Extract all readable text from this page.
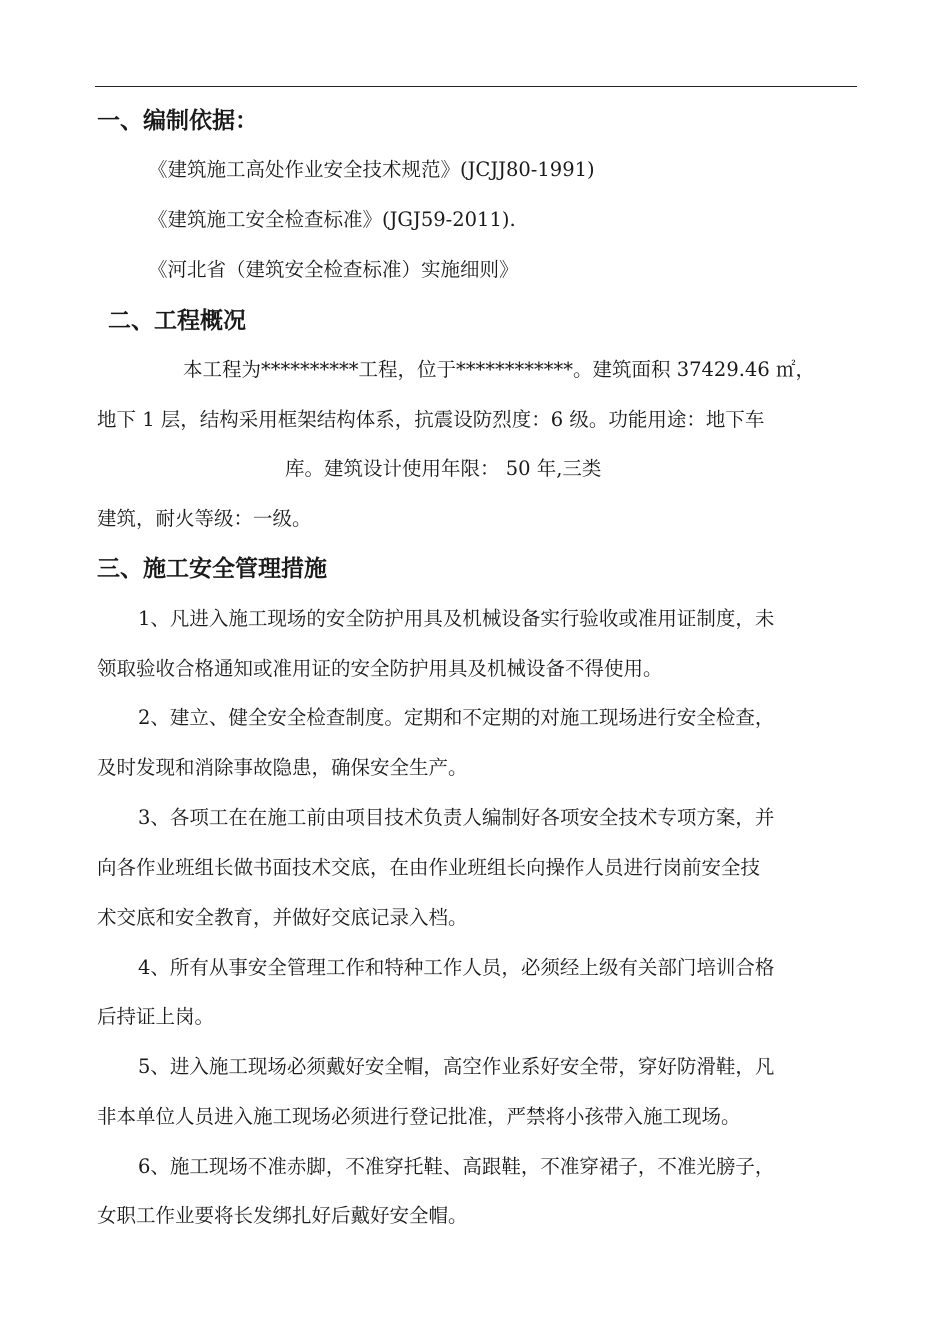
一、编制依据：
《建筑施工高处作业安全技术规范》(JCJJ80-1991)
《建筑施工安全检查标准》(JGJ59-2011).
《河北省（建筑安全检查标准）实施细则》
二、工程概况
本工程为**********工程，位于************。建筑面积 37429.46 ㎡，
地下 1 层，结构采用框架结构体系，抗震设防烈度：6 级。功能用途：地下车
库。建筑设计使用年限： 50 年,三类
建筑，耐火等级：一级。
三、施工安全管理措施
1、凡进入施工现场的安全防护用具及机械设备实行验收或准用证制度，未
领取验收合格通知或准用证的安全防护用具及机械设备不得使用。
2、建立、健全安全检查制度。定期和不定期的对施工现场进行安全检查，
及时发现和消除事故隐患，确保安全生产。
3、各项工在在施工前由项目技术负责人编制好各项安全技术专项方案，并
向各作业班组长做书面技术交底，在由作业班组长向操作人员进行岗前安全技
术交底和安全教育，并做好交底记录入档。
4、所有从事安全管理工作和特种工作人员，必须经上级有关部门培训合格
后持证上岗。
5、进入施工现场必须戴好安全帽，高空作业系好安全带，穿好防滑鞋，凡
非本单位人员进入施工现场必须进行登记批准，严禁将小孩带入施工现场。
6、施工现场不准赤脚，不准穿托鞋、高跟鞋，不准穿裙子，不准光膀子，
女职工作业要将长发绑扎好后戴好安全帽。
